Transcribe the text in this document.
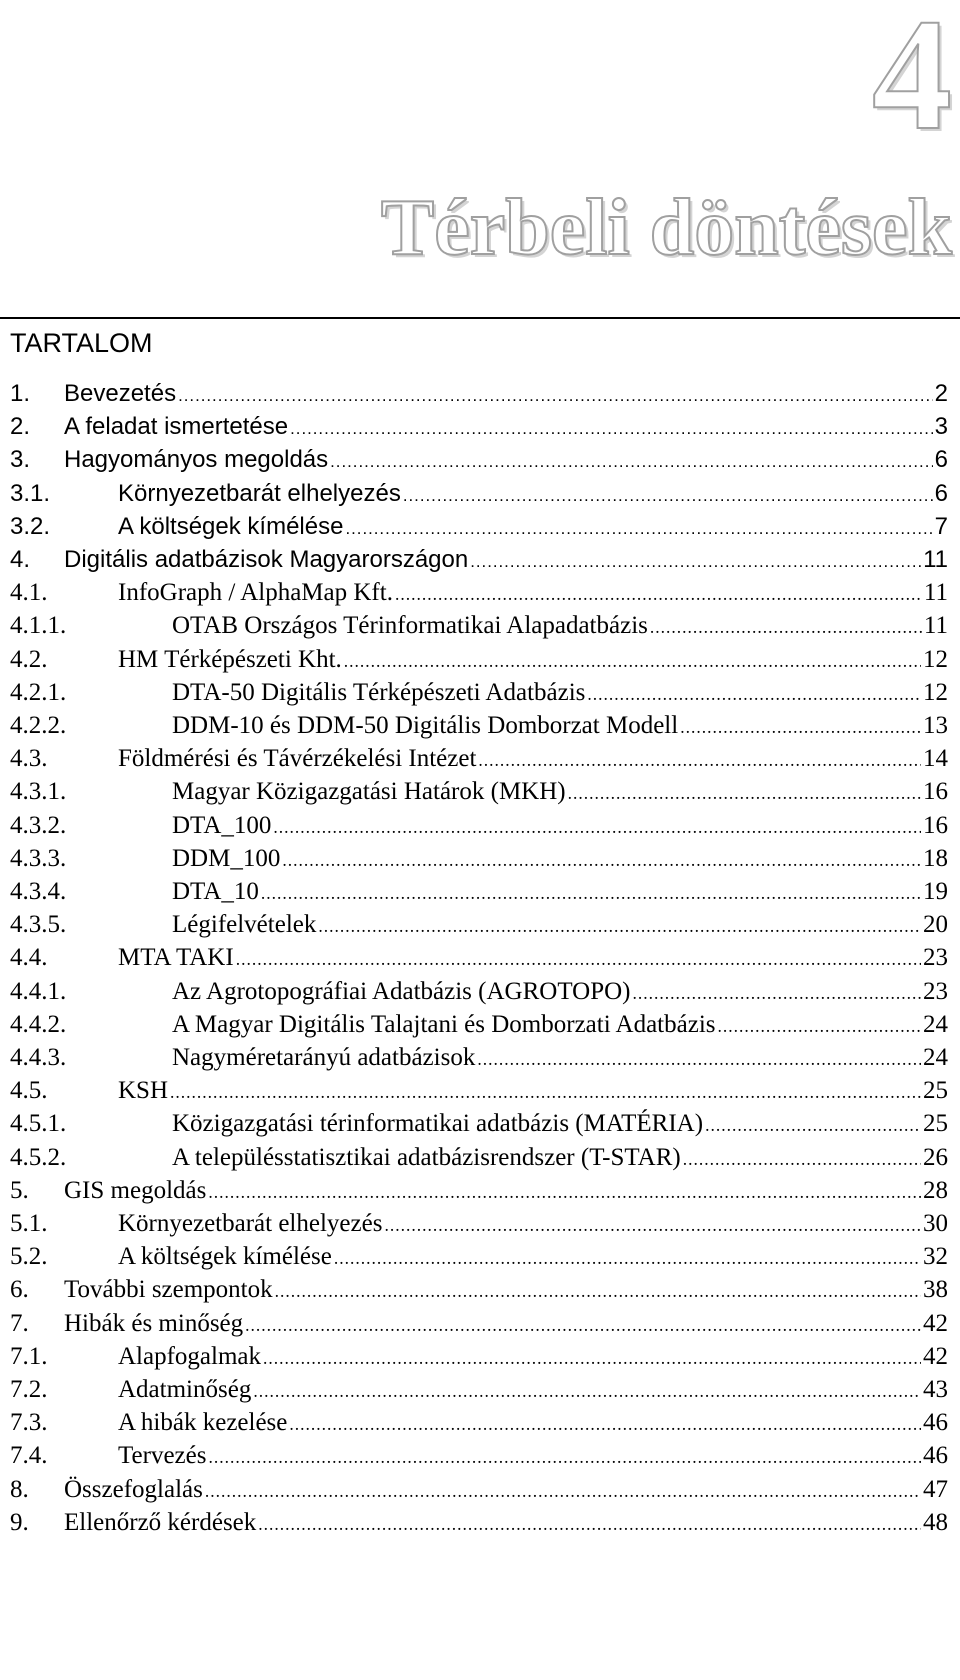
4
Térbeli döntések
TARTALOM
1.	Bevezetés .....	2
2.	A feladat ismertetése .....	3
3.	Hagyományos megoldás .....	6
3.1.	Környezetbarát elhelyezés .....	6
3.2.	A költségek kímélése .....	7
4.	Digitális adatbázisok Magyarországon .....	11
4.1.	InfoGraph / AlphaMap Kft. .....	11
4.1.1.	OTAB Országos Térinformatikai Alapadatbázis .....	11
4.2.	HM Térképészeti Kht. .....	12
4.2.1.	DTA-50 Digitális Térképészeti Adatbázis .....	12
4.2.2.	DDM-10 és DDM-50 Digitális Domborzat Modell .....	13
4.3.	Földmérési és Távérzékelési Intézet .....	14
4.3.1.	Magyar Közigazgatási Határok (MKH) .....	16
4.3.2.	DTA_100 .....	16
4.3.3.	DDM_100 .....	18
4.3.4.	DTA_10 .....	19
4.3.5.	Légifelvételek .....	20
4.4.	MTA TAKI .....	23
4.4.1.	Az Agrotopográfiai Adatbázis (AGROTOPO) .....	23
4.4.2.	A Magyar Digitális Talajtani és Domborzati Adatbázis .....	24
4.4.3.	Nagyméretarányú adatbázisok .....	24
4.5.	KSH .....	25
4.5.1.	Közigazgatási térinformatikai adatbázis (MATÉRIA) .....	25
4.5.2.	A településstatisztikai adatbázisrendszer (T-STAR) .....	26
5.	GIS megoldás .....	28
5.1.	Környezetbarát elhelyezés .....	30
5.2.	A költségek kímélése .....	32
6.	További szempontok .....	38
7.	Hibák és minőség .....	42
7.1.	Alapfogalmak .....	42
7.2.	Adatminőség .....	43
7.3.	A hibák kezelése .....	46
7.4.	Tervezés .....	46
8.	Összefoglalás .....	47
9.	Ellenőrző kérdések .....	48
